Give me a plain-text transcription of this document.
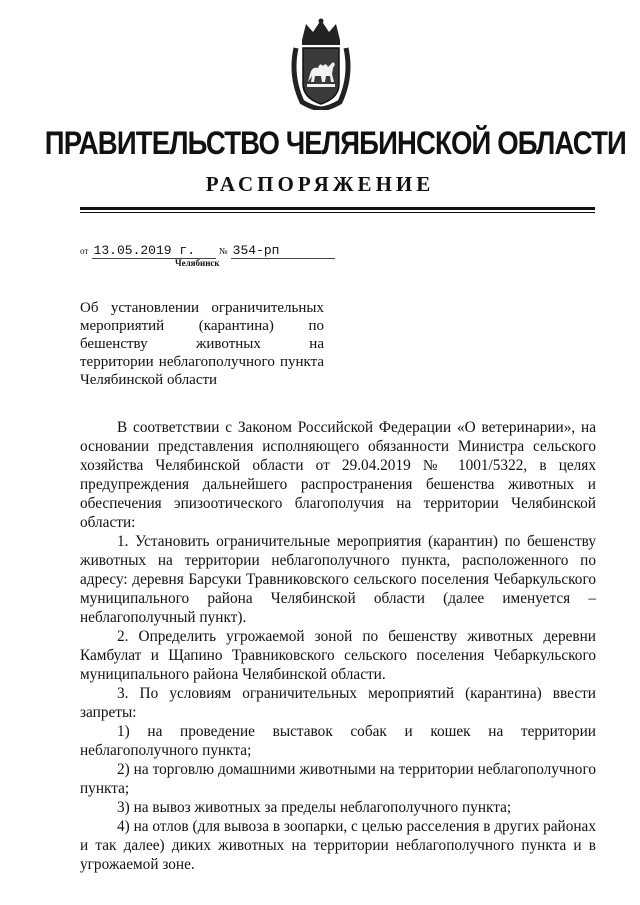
ПРАВИТЕЛЬСТВО ЧЕЛЯБИНСКОЙ ОБЛАСТИ
РАСПОРЯЖЕНИЕ
от 13.05.2019 г.	№ 354-рп
Челябинск

Об установлении ограничительных

мероприятий (карантина) по

бешенству животных на

территории неблагополучного пункта

Челябинской области

В соответствии с Законом Российской Федерации «О ветеринарии», на основании представления исполняющего обязанности Министра сельского хозяйства Челябинской области от 29.04.2019 № 1001/5322, в целях предупреждения дальнейшего распространения бешенства животных и обеспечения эпизоотического благополучия на территории Челябинской области:

1. Установить ограничительные мероприятия (карантин) по бешенству животных на территории неблагополучного пункта, расположенного по адресу: деревня Барсуки Травниковского сельского поселения Чебаркульского муниципального района Челябинской области (далее именуется – неблагополучный пункт).

2. Определить угрожаемой зоной по бешенству животных деревни Камбулат и Щапино Травниковского сельского поселения Чебаркульского муниципального района Челябинской области.

3. По условиям ограничительных мероприятий (карантина) ввести запреты:

1) на проведение выставок собак и кошек на территории неблагополучного пункта;

2) на торговлю домашними животными на территории неблагополучного пункта;

3) на вывоз животных за пределы неблагополучного пункта;

4) на отлов (для вывоза в зоопарки, с целью расселения в других районах и так далее) диких животных на территории неблагополучного пункта и в угрожаемой зоне.
